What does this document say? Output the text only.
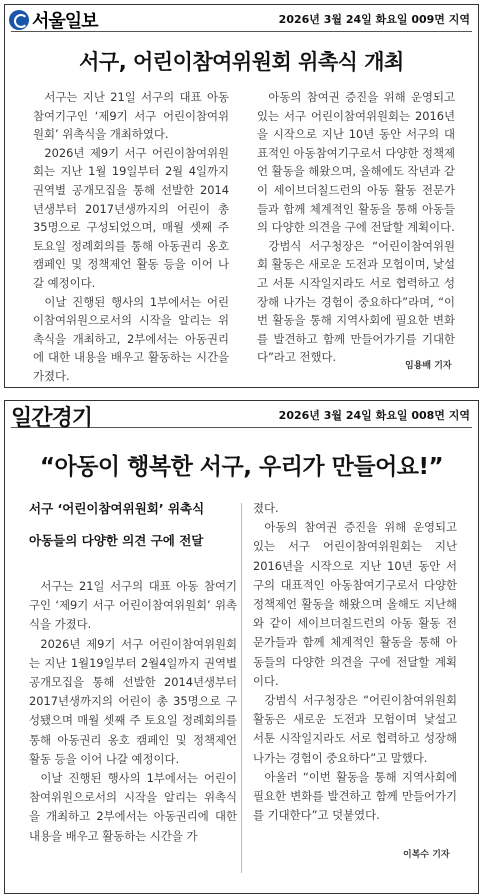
서울일보	2026년 3월 24일 화요일 009면 지역
서구, 어린이참여위원회 위촉식 개최

서구는 지난 21일 서구의 대표 아동참여기구인 ‘제9기 서구 어린이참여위원회’ 위촉식을 개최하였다.

2026년 제9기 서구 어린이참여위원회는 지난 1월 19일부터 2월 4일까지 권역별 공개모집을 통해 선발한 2014년생부터 2017년생까지의 어린이 총 35명으로 구성되었으며, 매월 셋째 주 토요일 정례회의를 통해 아동권리 옹호 캠페인 및 정책제언 활동 등을 이어 나갈 예정이다.

이날 진행된 행사의 1부에서는 어린이참여위원으로서의 시작을 알리는 위촉식을 개최하고, 2부에서는 아동권리에 대한 내용을 배우고 활동하는 시간을 가졌다.

아동의 참여권 증진을 위해 운영되고 있는 서구 어린이참여위원회는 2016년을 시작으로 지난 10년 동안 서구의 대표적인 아동참여기구로서 다양한 정책제언 활동을 해왔으며, 올해에도 작년과 같이 세이브더칠드런의 아동 활동 전문가들과 함께 체계적인 활동을 통해 아동들의 다양한 의견을 구에 전달할 계획이다.

강범식 서구청장은 “어린이참여위원회 활동은 새로운 도전과 모험이며, 낯설고 서툰 시작일지라도 서로 협력하고 성장해 나가는 경험이 중요하다”라며, “이번 활동을 통해 지역사회에 필요한 변화를 발견하고 함께 만들어가기를 기대한다”라고 전했다.

임용배 기자
일간경기	2026년 3월 24일 화요일 008면 지역
“아동이 행복한 서구, 우리가 만들어요!”
서구 ‘어린이참여위원회’ 위촉식
아동들의 다양한 의견 구에 전달

서구는 21일 서구의 대표 아동 참여기구인 ‘제9기 서구 어린이참여위원회’ 위촉식을 가졌다.

2026년 제9기 서구 어린이참여위원회는 지난 1월19일부터 2월4일까지 권역별 공개모집을 통해 선발한 2014년생부터 2017년생까지의 어린이 총 35명으로 구성됐으며 매월 셋째 주 토요일 정례회의를 통해 아동권리 옹호 캠페인 및 정책제언 활동 등을 이어 나갈 예정이다.

이날 진행된 행사의 1부에서는 어린이참여위원으로서의 시작을 알리는 위촉식을 개최하고 2부에서는 아동권리에 대한 내용을 배우고 활동하는 시간을 가

졌다.

아동의 참여권 증진을 위해 운영되고 있는 서구 어린이참여위원회는 지난 2016년을 시작으로 지난 10년 동안 서구의 대표적인 아동참여기구로서 다양한 정책제언 활동을 해왔으며 올해도 지난해와 같이 세이브더칠드런의 아동 활동 전문가들과 함께 체계적인 활동을 통해 아동들의 다양한 의견을 구에 전달할 계획이다.

강범식 서구청장은 “어린이참여위원회 활동은 새로운 도전과 모험이며 낯설고 서툰 시작일지라도 서로 협력하고 성장해 나가는 경험이 중요하다”고 말했다.

아울러 “이번 활동을 통해 지역사회에 필요한 변화를 발견하고 함께 만들어가기를 기대한다”고 덧붙였다.

이복수 기자
